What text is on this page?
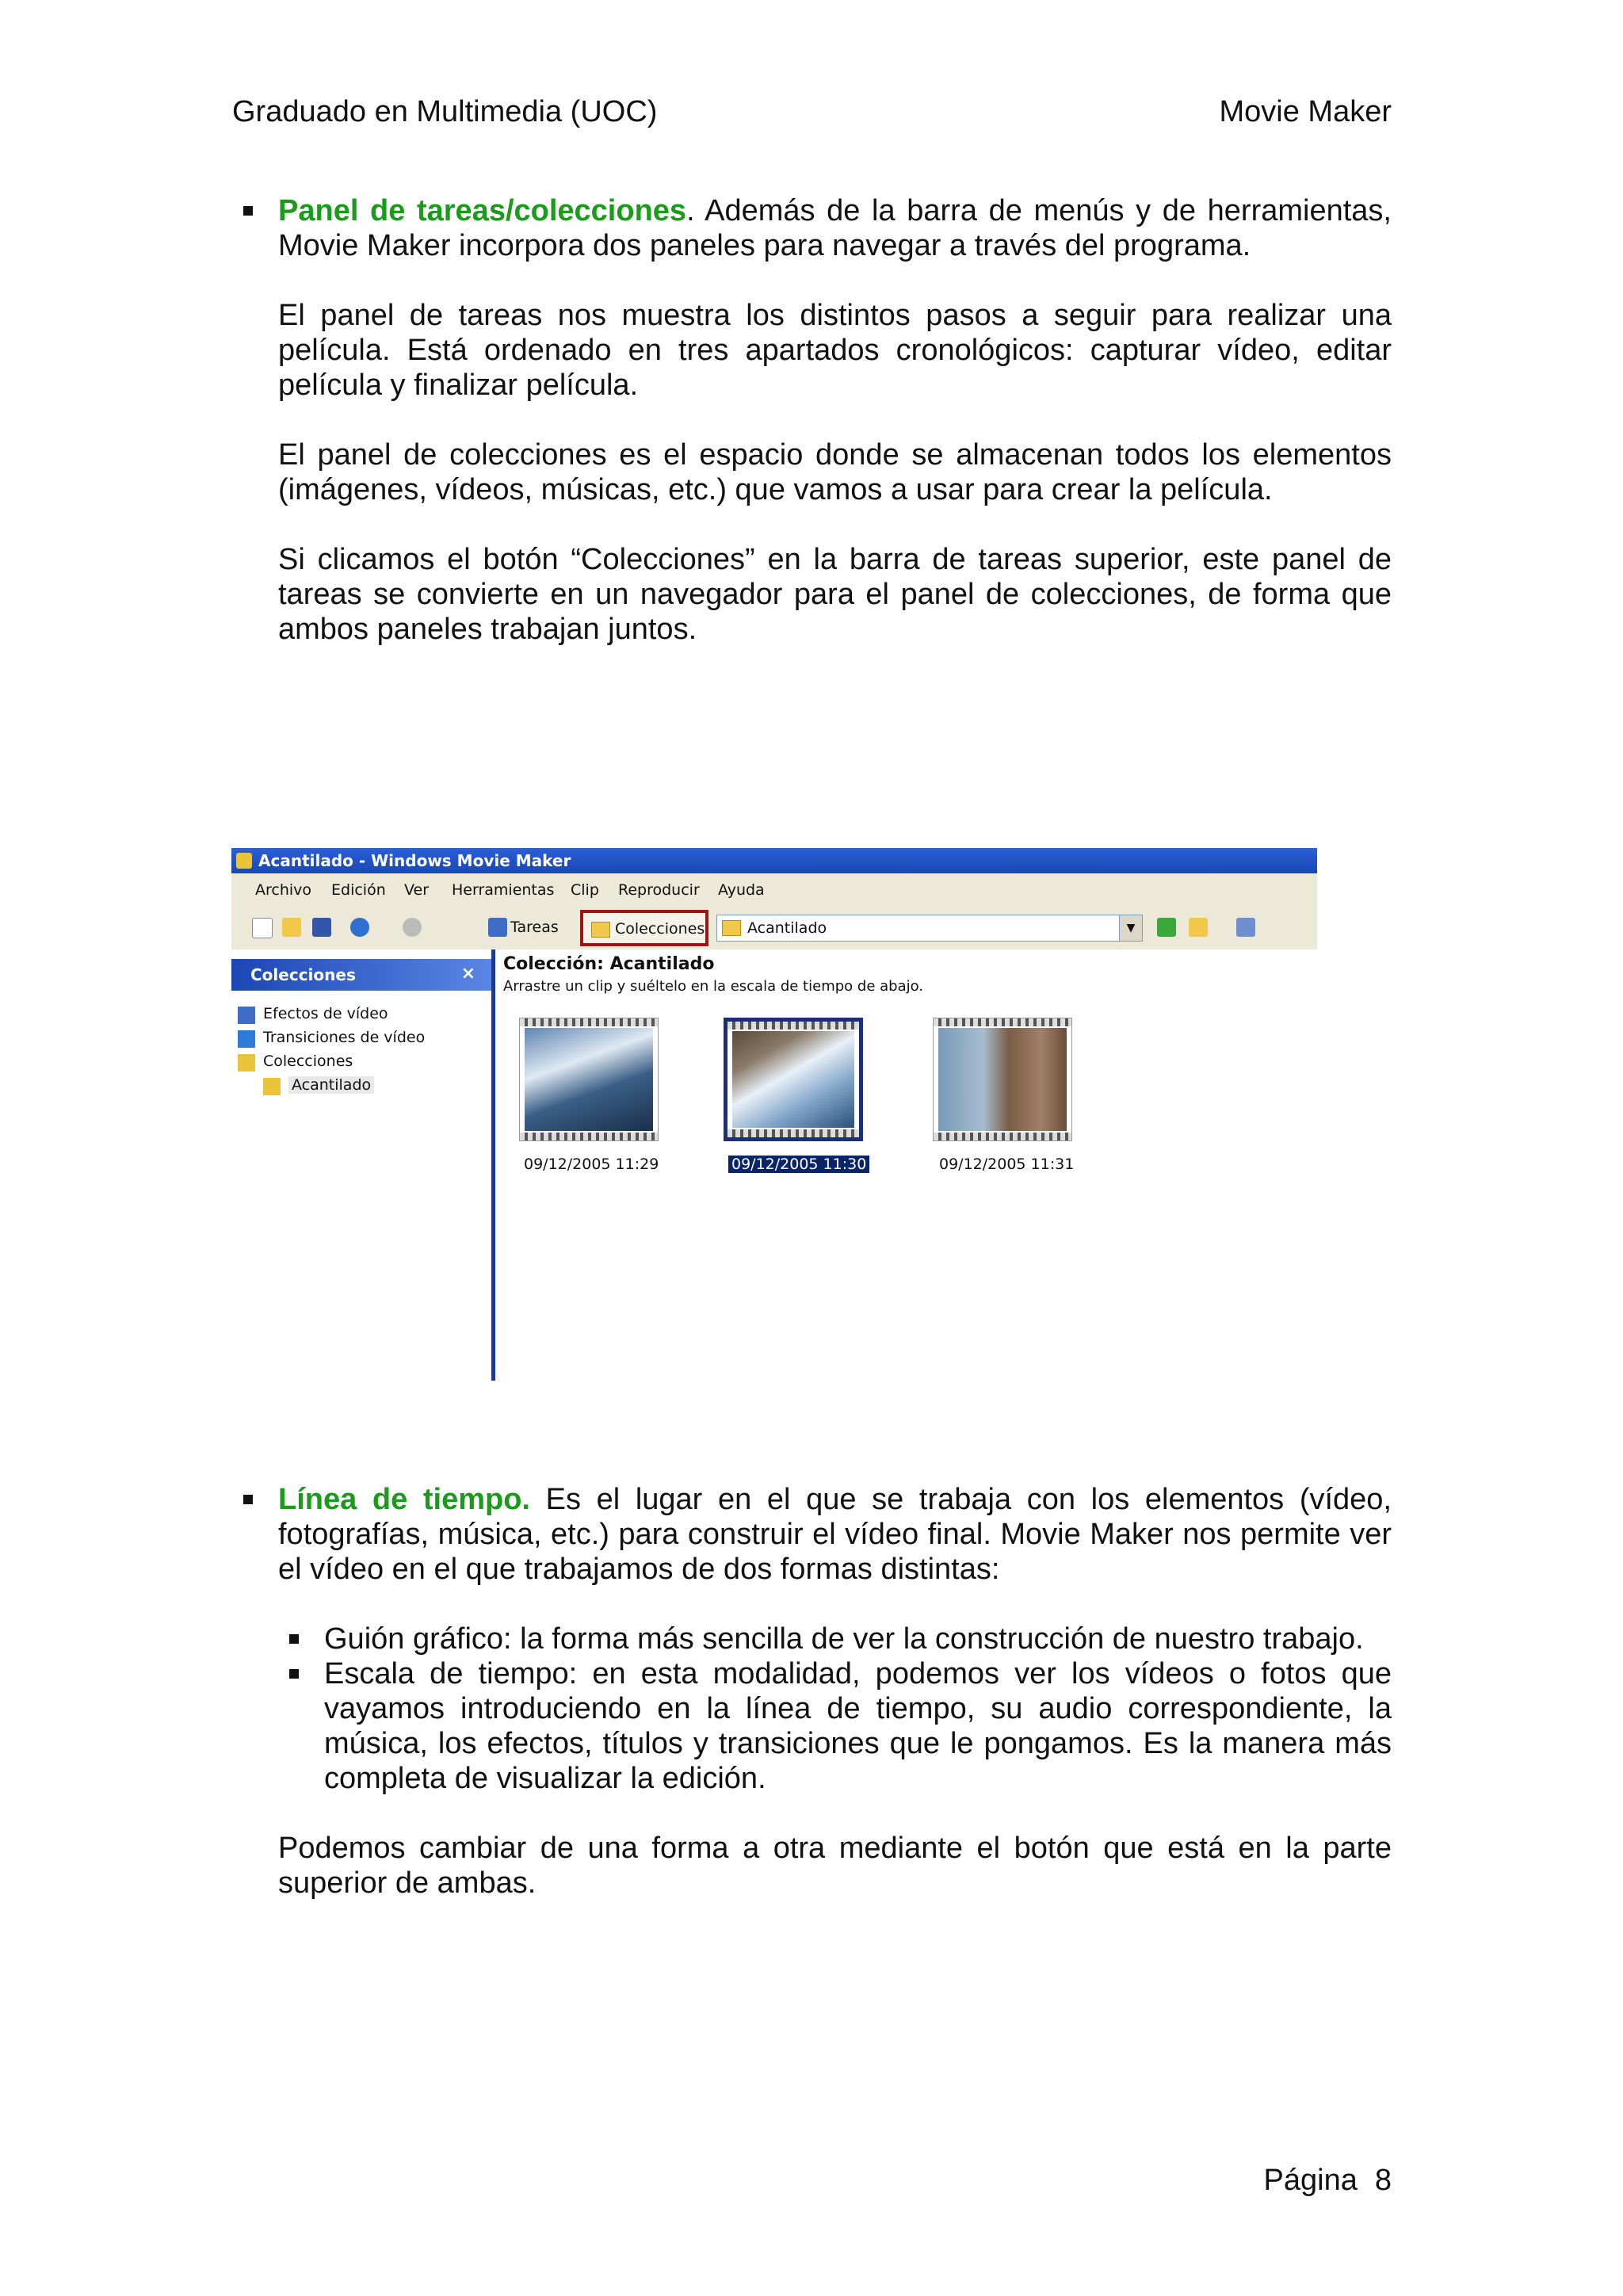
Graduado en Multimedia (UOC)	Movie Maker
Panel de tareas/colecciones. Además de la barra de menús y de herramientas, Movie Maker incorpora dos paneles para navegar a través del programa.
El panel de tareas nos muestra los distintos pasos a seguir para realizar una película. Está ordenado en tres apartados cronológicos: capturar vídeo, editar película y finalizar película.
El panel de colecciones es el espacio donde se almacenan todos los elementos (imágenes, vídeos, músicas, etc.) que vamos a usar para crear la película.
Si clicamos el botón “Colecciones” en la barra de tareas superior, este panel de tareas se convierte en un navegador para el panel de colecciones, de forma que ambos paneles trabajan juntos.
Acantilado - Windows Movie Maker
Archivo Edición Ver Herramientas Clip Reproducir Ayuda
Tareas	Colecciones	Acantilado	▼
Colecciones	×
Efectos de vídeo
Transiciones de vídeo
Colecciones
Acantilado
Colección: Acantilado
Arrastre un clip y suéltelo en la escala de tiempo de abajo.
09/12/2005 11:29	09/12/2005 11:30	09/12/2005 11:31
Línea de tiempo. Es el lugar en el que se trabaja con los elementos (vídeo, fotografías, música, etc.) para construir el vídeo final. Movie Maker nos permite ver el vídeo en el que trabajamos de dos formas distintas:
Guión gráfico: la forma más sencilla de ver la construcción de nuestro trabajo.
Escala de tiempo: en esta modalidad, podemos ver los vídeos o fotos que vayamos introduciendo en la línea de tiempo, su audio correspondiente, la música, los efectos, títulos y transiciones que le pongamos. Es la manera más completa de visualizar la edición.
Podemos cambiar de una forma a otra mediante el botón que está en la parte superior de ambas.
Página 8
